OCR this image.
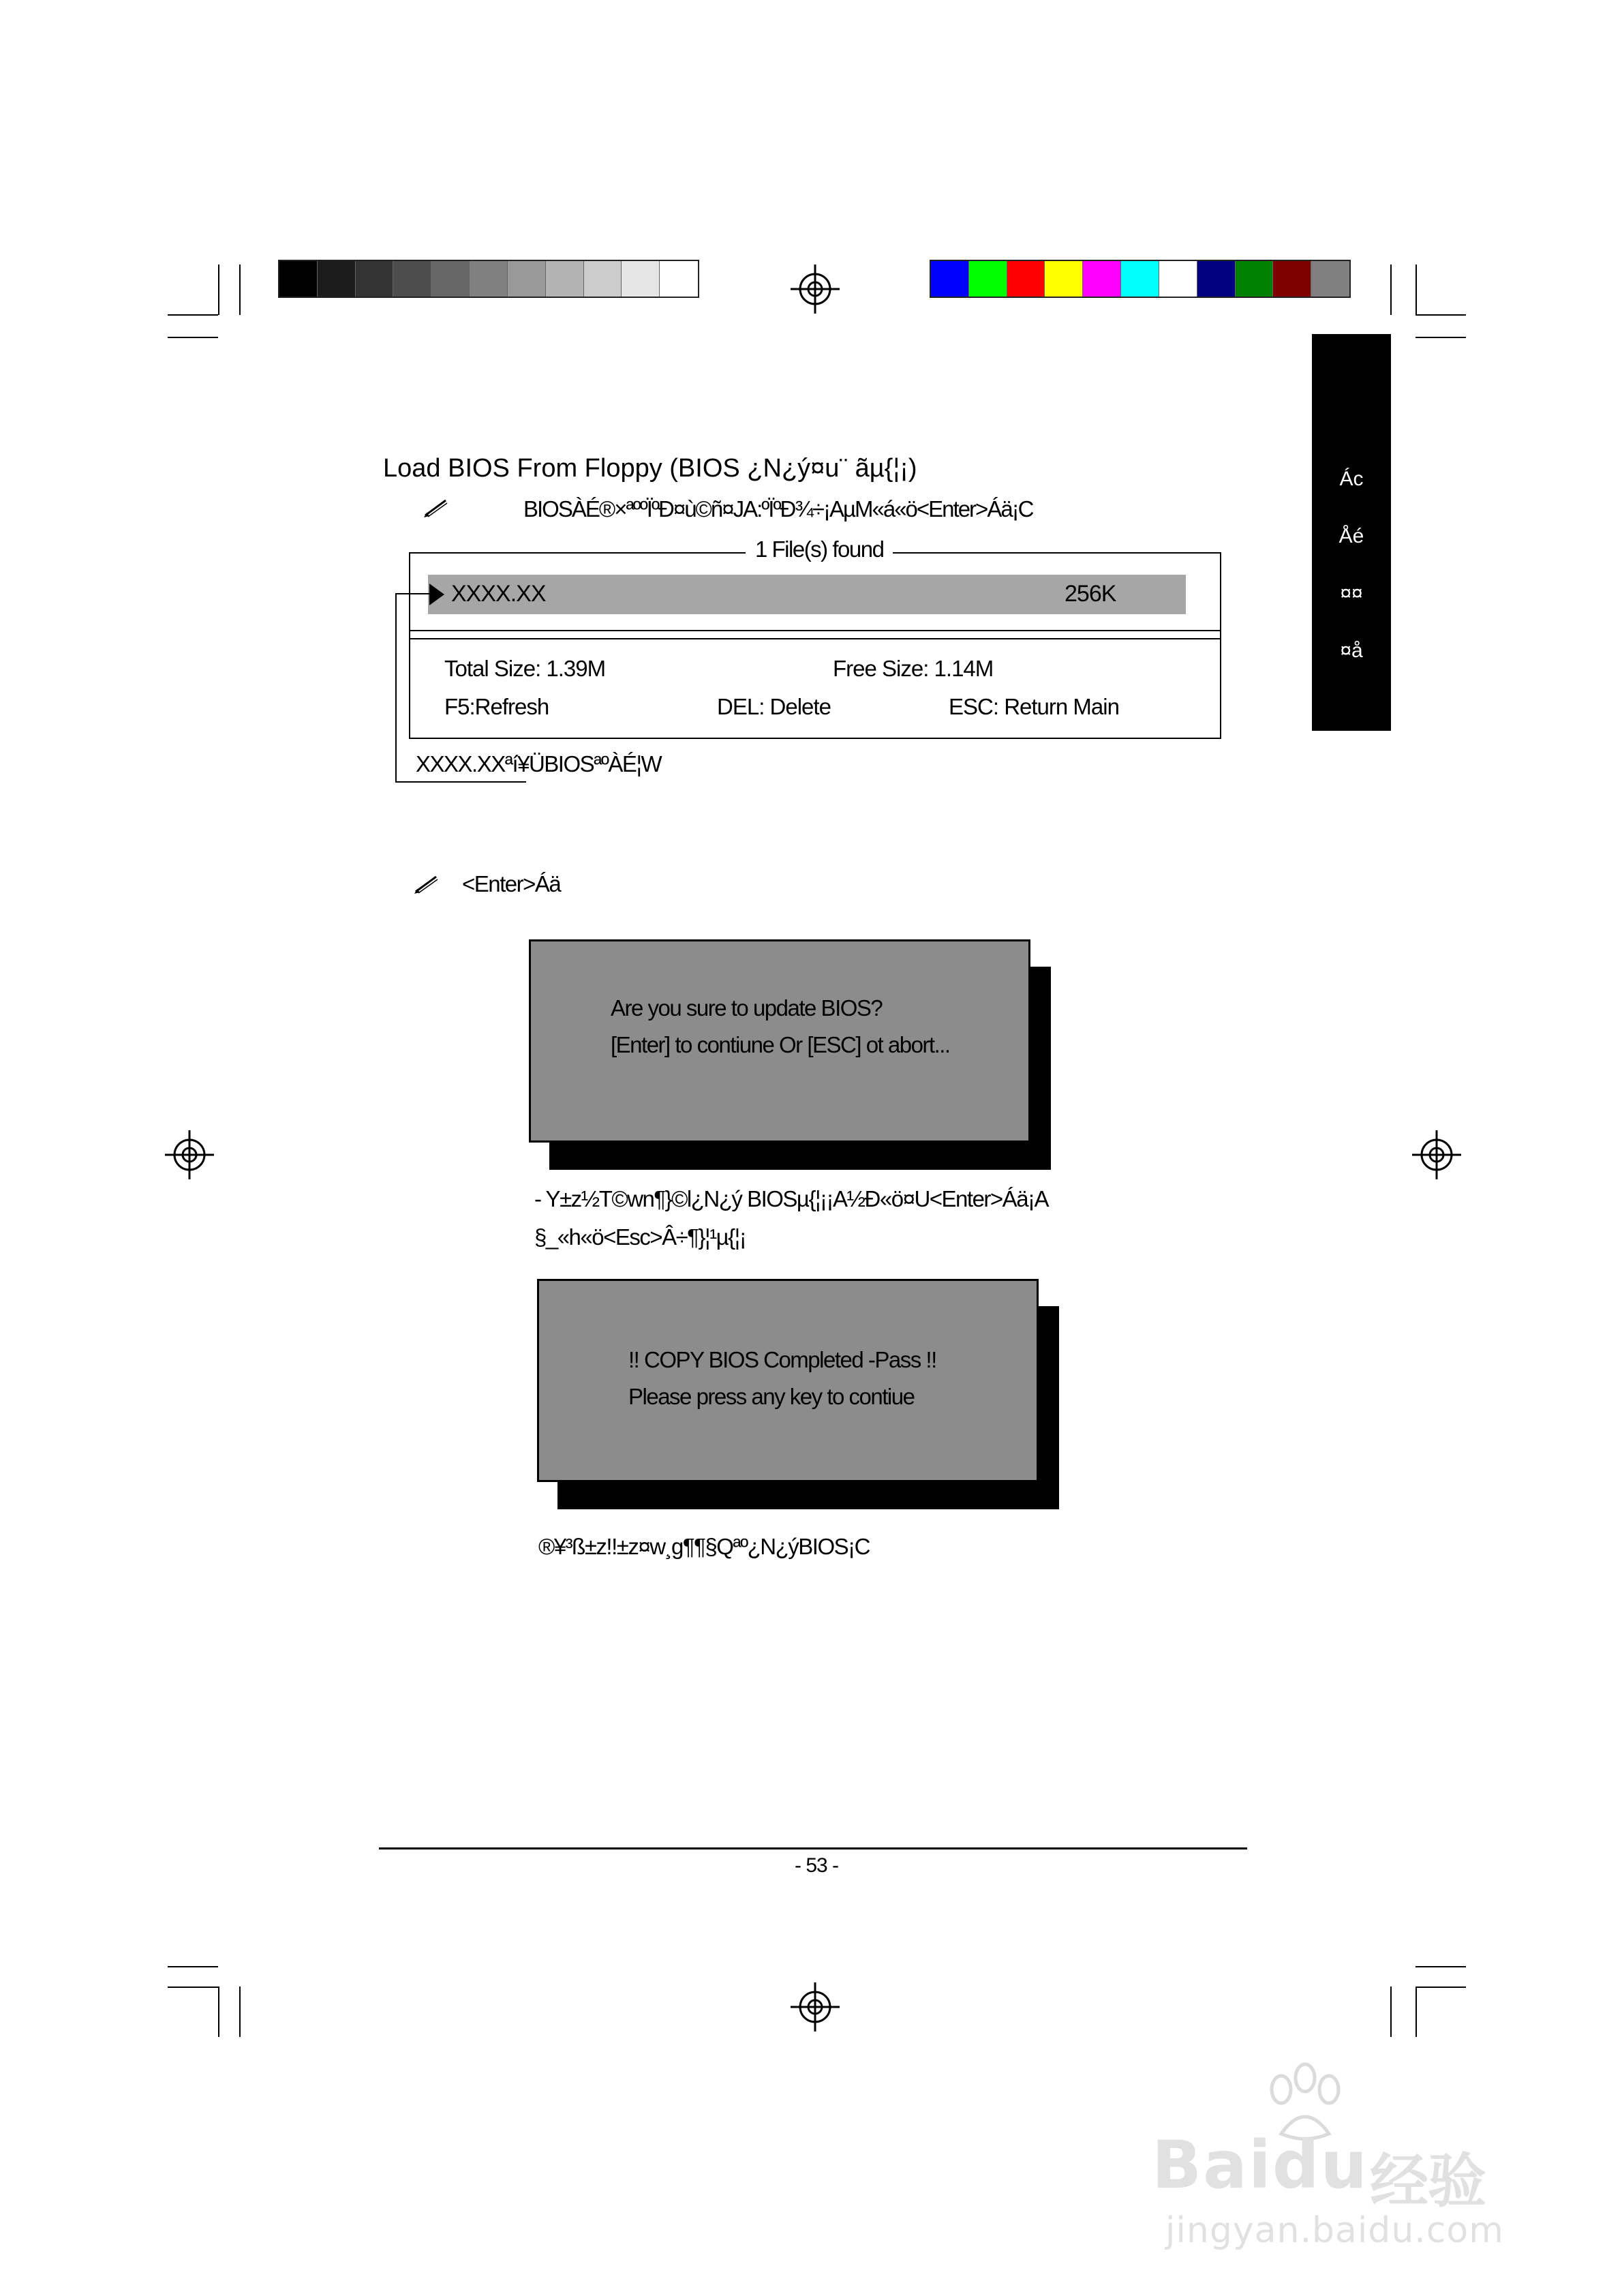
Ác
Åé
¤¤
¤å
Load BIOS From Floppy (BIOS ¿N¿ý¤u¨ ãµ{¦¡)
BIOSÀÉ®×ªººÏºÐ¤ù©ñ¤JA:ºÏºÐ¾÷¡AµM«á«ö<Enter>Áä¡C
1 File(s) found
XXXX.XX	256K
Total Size: 1.39M	Free Size: 1.14M
F5:Refresh	DEL: Delete	ESC: Return Main
XXXX.XXªí¥ÜBIOSªºÀÉ¦W
<Enter>Áä
Are you sure to update BIOS?
[Enter] to contiune Or [ESC] ot abort...
- Y±z½T©wn¶}©l¿N¿ý BIOSµ{¦¡¡A½Ð«ö¤U<Enter>Áä¡A
§_«h«ö<Esc>Â÷¶}¦¹µ{¦¡
!! COPY BIOS Completed -Pass !!
Please press any key to contiue
®¥³ß±z!!±z¤w¸g¶¶§Qªº¿N¿ýBIOS¡C
- 53 -
Baidu 经验
jingyan.baidu.com
